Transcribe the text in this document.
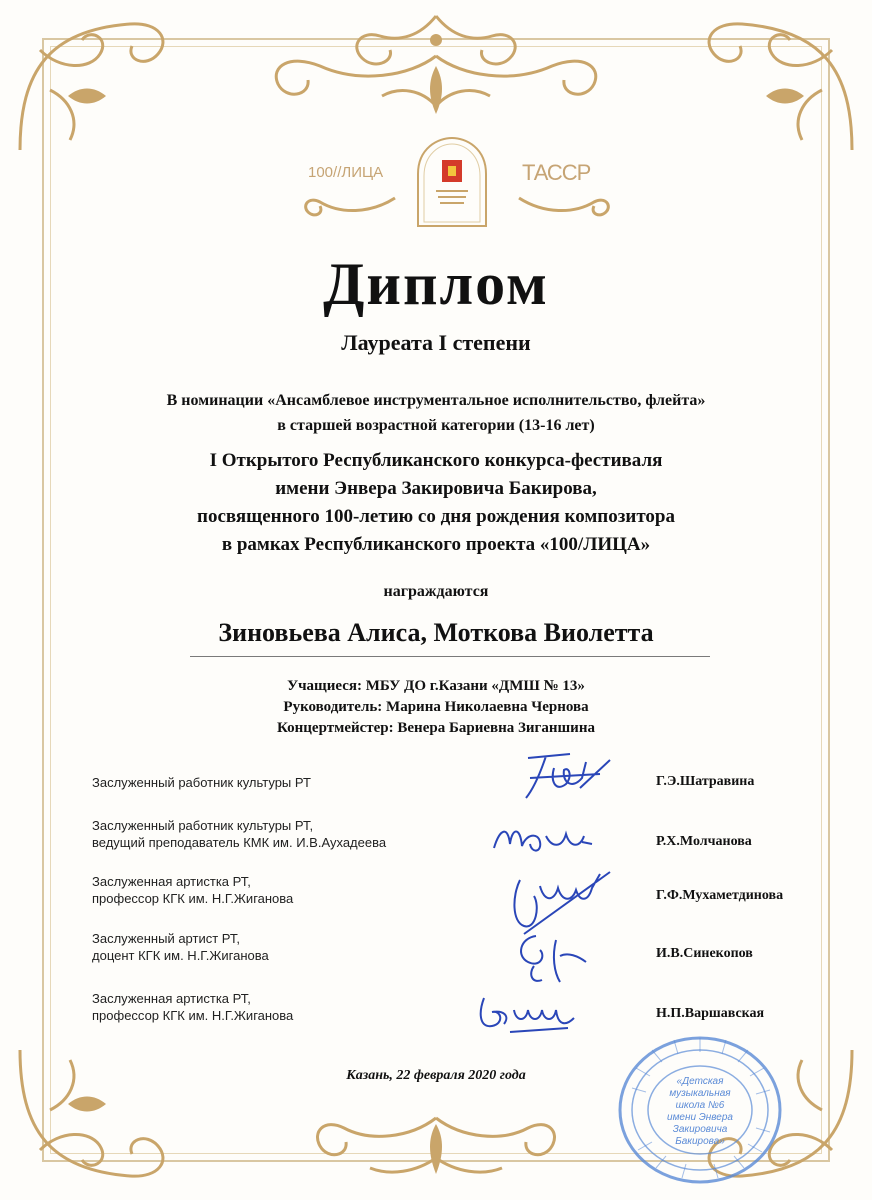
100//ЛИЦА	ТАССР
Диплом
Лауреата I степени
В номинации «Ансамблевое инструментальное исполнительство, флейта»
в старшей возрастной категории (13-16 лет)
I Открытого Республиканского конкурса-фестиваля
имени Энвера Закировича Бакирова,
посвященного 100-летию со дня рождения композитора
в рамках Республиканского проекта «100/ЛИЦА»
награждаются
Зиновьева Алиса, Моткова Виолетта
Учащиеся: МБУ ДО г.Казани «ДМШ № 13»
Руководитель: Марина Николаевна Чернова
Концертмейстер: Венера Бариевна Зиганшина
Заслуженный работник культуры РТ	Г.Э.Шатравина
Заслуженный работник культуры РТ,
ведущий преподаватель КМК им. И.В.Аухадеева	Р.Х.Молчанова
Заслуженная артистка РТ,
профессор КГК им. Н.Г.Жиганова	Г.Ф.Мухаметдинова
Заслуженный артист РТ,
доцент КГК им. Н.Г.Жиганова	И.В.Синекопов
Заслуженная артистка РТ,
профессор КГК им. Н.Г.Жиганова	Н.П.Варшавская
Казань, 22 февраля 2020 года	«Детская музыкальная школа №6 имени Энвера Закировича Бакирова»
